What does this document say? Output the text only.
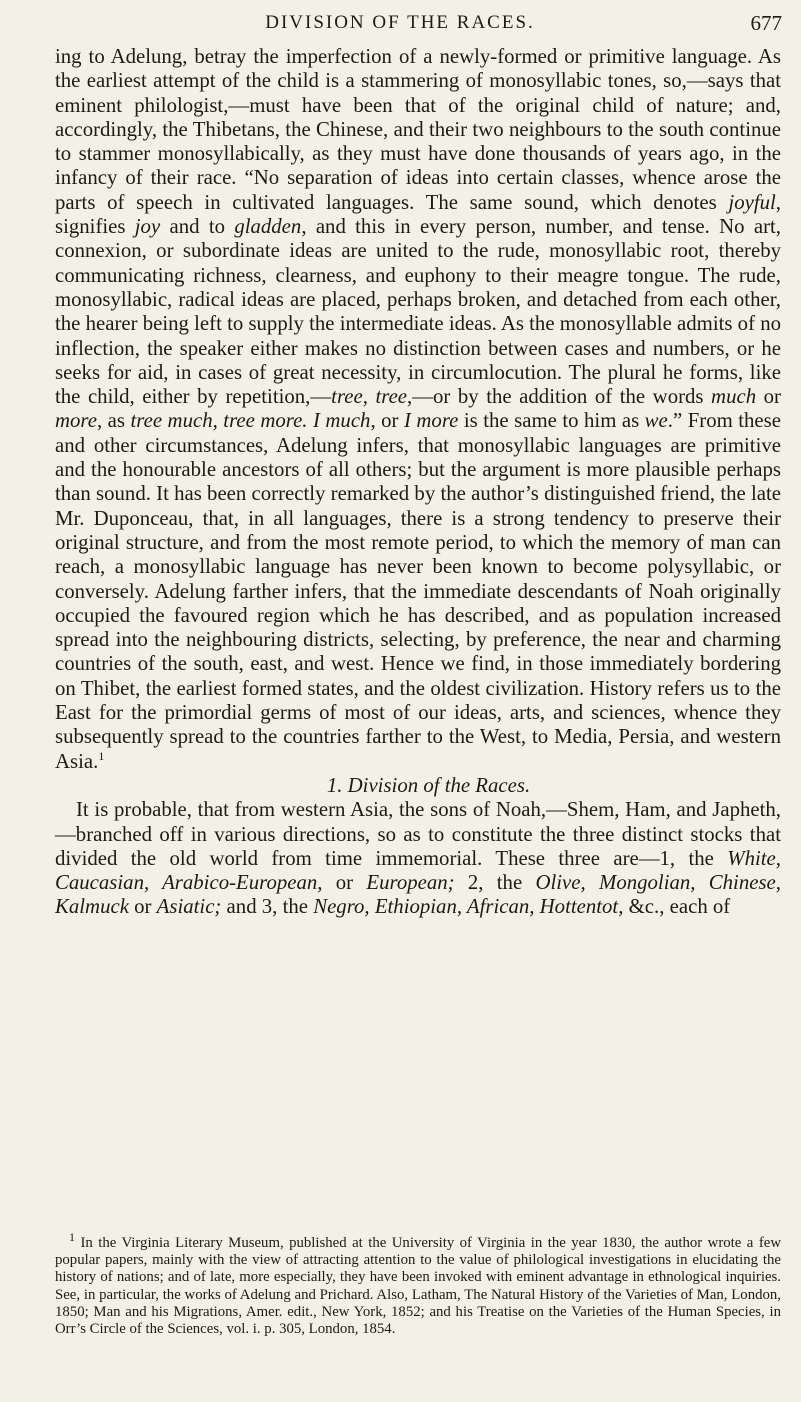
DIVISION OF THE RACES.	677

ing to Adelung, betray the imperfection of a newly-formed or primitive language. As the earliest attempt of the child is a stammering of monosyllabic tones, so,—says that eminent philologist,—must have been that of the original child of nature; and, accordingly, the Thibetans, the Chinese, and their two neighbours to the south continue to stammer monosyllabically, as they must have done thousands of years ago, in the infancy of their race. “No separation of ideas into certain classes, whence arose the parts of speech in cultivated languages. The same sound, which denotes joyful, signifies joy and to gladden, and this in every person, number, and tense. No art, connexion, or subordinate ideas are united to the rude, monosyllabic root, thereby communicating richness, clearness, and euphony to their meagre tongue. The rude, monosyllabic, radical ideas are placed, perhaps broken, and detached from each other, the hearer being left to supply the intermediate ideas. As the monosyllable admits of no inflection, the speaker either makes no distinction between cases and numbers, or he seeks for aid, in cases of great necessity, in circumlocution. The plural he forms, like the child, either by repetition,—tree, tree,—or by the addition of the words much or more, as tree much, tree more. I much, or I more is the same to him as we.” From these and other circumstances, Adelung infers, that monosyllabic languages are primitive and the honourable ancestors of all others; but the argument is more plausible perhaps than sound. It has been correctly remarked by the author’s distinguished friend, the late Mr. Duponceau, that, in all languages, there is a strong tendency to preserve their original structure, and from the most remote period, to which the memory of man can reach, a monosyllabic language has never been known to become polysyllabic, or conversely. Adelung farther infers, that the immediate descendants of Noah originally occupied the favoured region which he has described, and as population increased spread into the neighbouring districts, selecting, by preference, the near and charming countries of the south, east, and west. Hence we find, in those immediately bordering on Thibet, the earliest formed states, and the oldest civilization. History refers us to the East for the primordial germs of most of our ideas, arts, and sciences, whence they subsequently spread to the countries farther to the West, to Media, Persia, and western Asia.$^1$

1. Division of the Races.

It is probable, that from western Asia, the sons of Noah,—Shem, Ham, and Japheth,—branched off in various directions, so as to constitute the three distinct stocks that divided the old world from time immemorial. These three are—1, the White, Caucasian, Arabico-European, or European; 2, the Olive, Mongolian, Chinese, Kalmuck or Asiatic; and 3, the Negro, Ethiopian, African, Hottentot, &c., each of

$^1$ In the Virginia Literary Museum, published at the University of Virginia in the year 1830, the author wrote a few popular papers, mainly with the view of attracting attention to the value of philological investigations in elucidating the history of nations; and of late, more especially, they have been invoked with eminent advantage in ethnological inquiries. See, in particular, the works of Adelung and Prichard. Also, Latham, The Natural History of the Varieties of Man, London, 1850; Man and his Migrations, Amer. edit., New York, 1852; and his Treatise on the Varieties of the Human Species, in Orr’s Circle of the Sciences, vol. i. p. 305, London, 1854.
